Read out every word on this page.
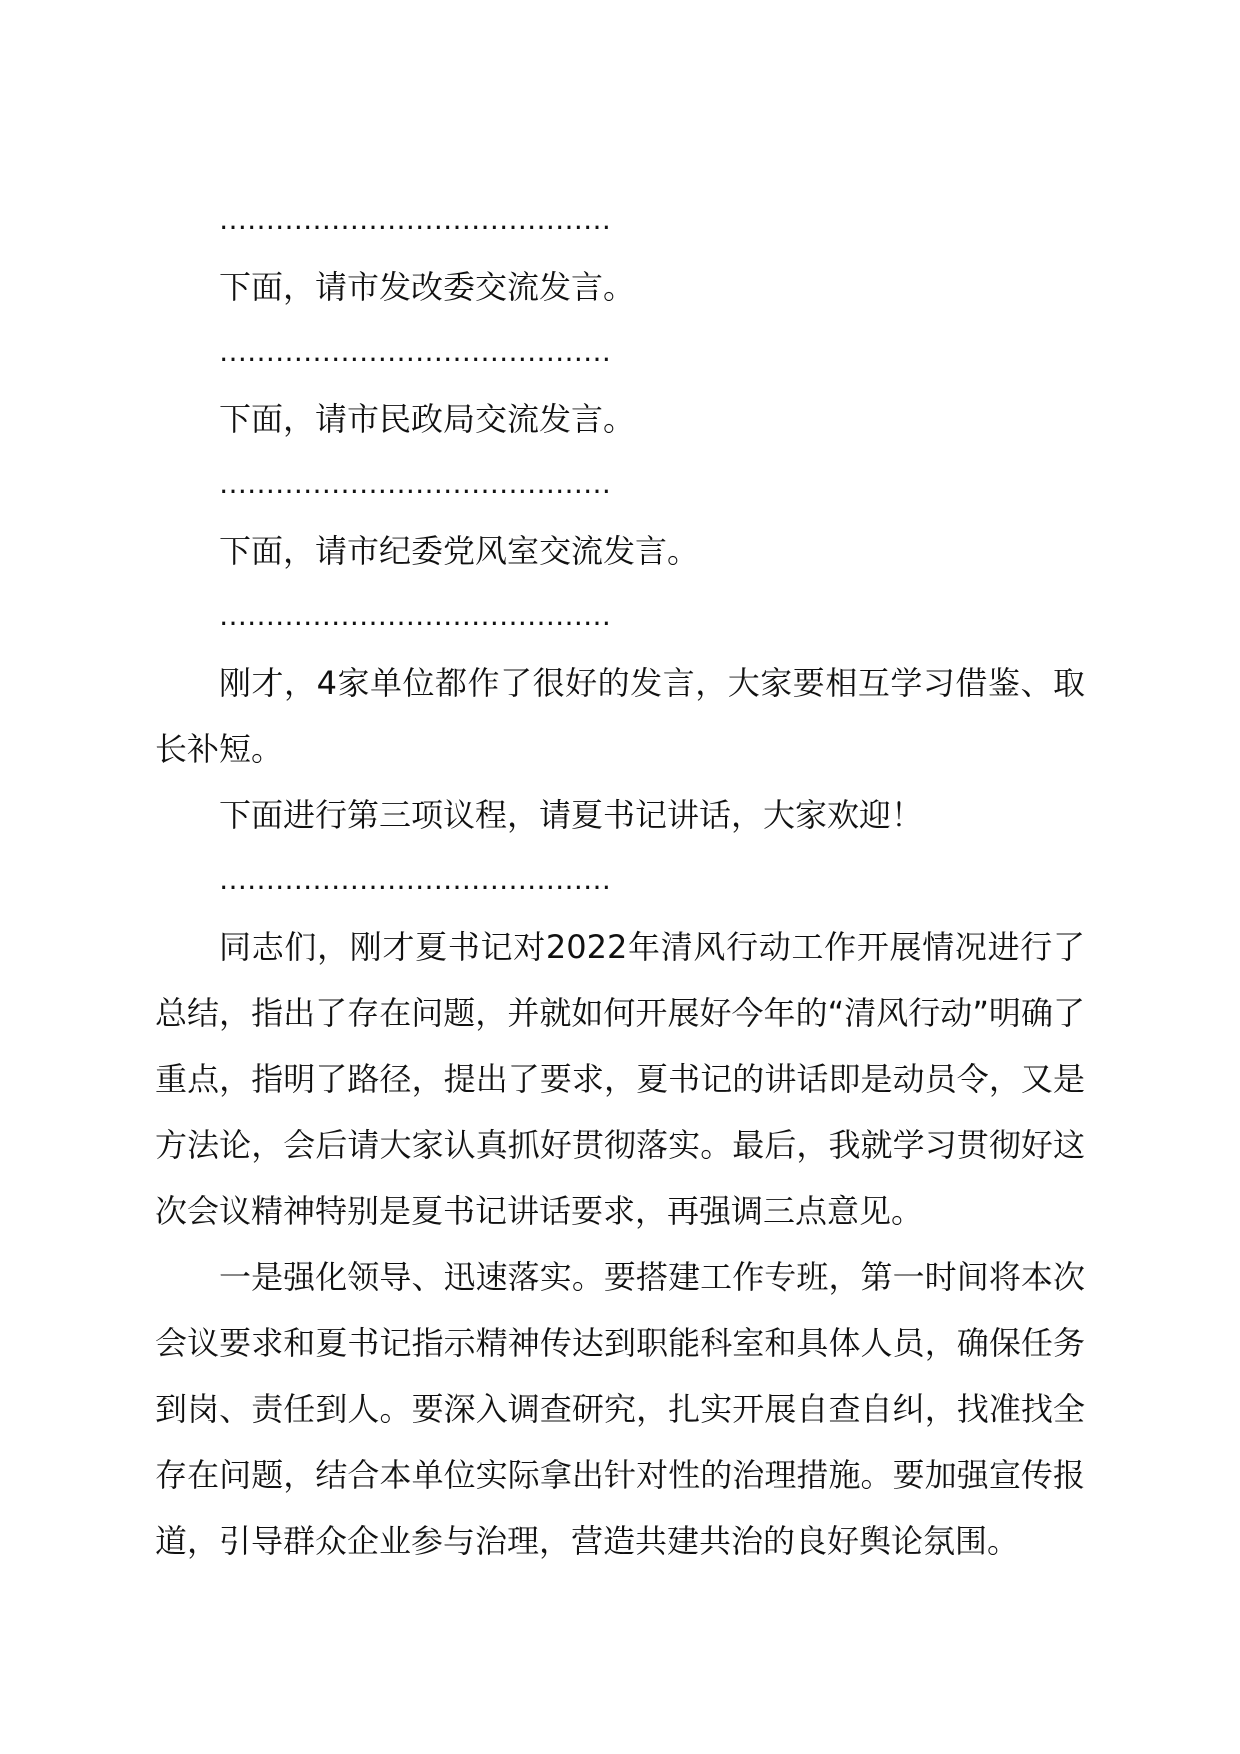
……………………………………

下面，请市发改委交流发言。

……………………………………

下面，请市民政局交流发言。

……………………………………

下面，请市纪委党风室交流发言。

……………………………………

刚才，4家单位都作了很好的发言，大家要相互学习借鉴、取长补短。

下面进行第三项议程，请夏书记讲话，大家欢迎！

……………………………………

同志们，刚才夏书记对2022年清风行动工作开展情况进行了总结，指出了存在问题，并就如何开展好今年的“清风行动”明确了重点，指明了路径，提出了要求，夏书记的讲话即是动员令，又是方法论，会后请大家认真抓好贯彻落实。最后，我就学习贯彻好这次会议精神特别是夏书记讲话要求，再强调三点意见。

一是强化领导、迅速落实。要搭建工作专班，第一时间将本次会议要求和夏书记指示精神传达到职能科室和具体人员，确保任务到岗、责任到人。要深入调查研究，扎实开展自查自纠，找准找全存在问题，结合本单位实际拿出针对性的治理措施。要加强宣传报道，引导群众企业参与治理，营造共建共治的良好舆论氛围。
